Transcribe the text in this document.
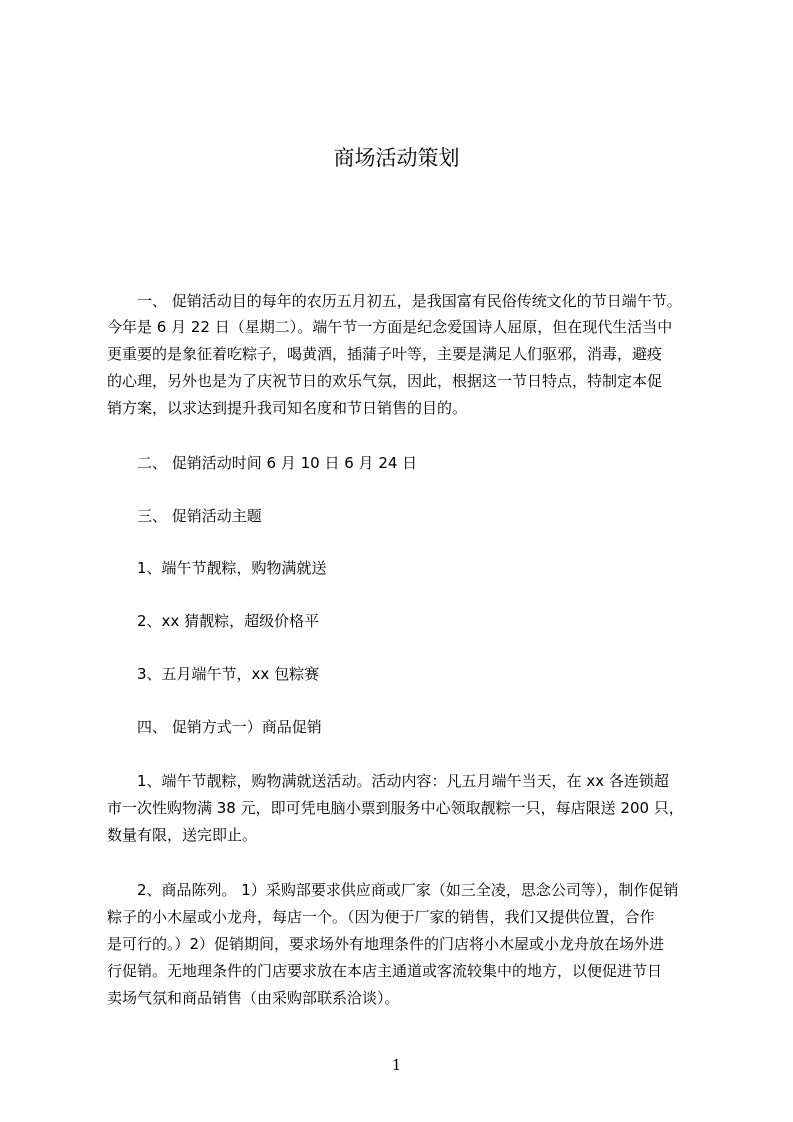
商场活动策划
一、 促销活动目的每年的农历五月初五，是我国富有民俗传统文化的节日端午节。
今年是 6 月 22 日（星期二）。端午节一方面是纪念爱国诗人屈原，但在现代生活当中
更重要的是象征着吃粽子，喝黄酒，插蒲子叶等，主要是满足人们驱邪，消毒，避疫
的心理，另外也是为了庆祝节日的欢乐气氛，因此，根据这一节日特点，特制定本促
销方案，以求达到提升我司知名度和节日销售的目的。
二、 促销活动时间 6 月 10 日 6 月 24 日
三、 促销活动主题
1、端午节靓粽，购物满就送
2、xx 猜靓粽，超级价格平
3、五月端午节，xx 包粽赛
四、 促销方式一）商品促销
1、端午节靓粽，购物满就送活动。活动内容：凡五月端午当天，在 xx 各连锁超
市一次性购物满 38 元，即可凭电脑小票到服务中心领取靓粽一只，每店限送 200 只，
数量有限，送完即止。
2、商品陈列。 1）采购部要求供应商或厂家（如三全凌，思念公司等），制作促销
粽子的小木屋或小龙舟，每店一个。（因为便于厂家的销售，我们又提供位置，合作
是可行的。）2）促销期间，要求场外有地理条件的门店将小木屋或小龙舟放在场外进
行促销。无地理条件的门店要求放在本店主通道或客流较集中的地方，以便促进节日
卖场气氛和商品销售（由采购部联系洽谈）。
1
